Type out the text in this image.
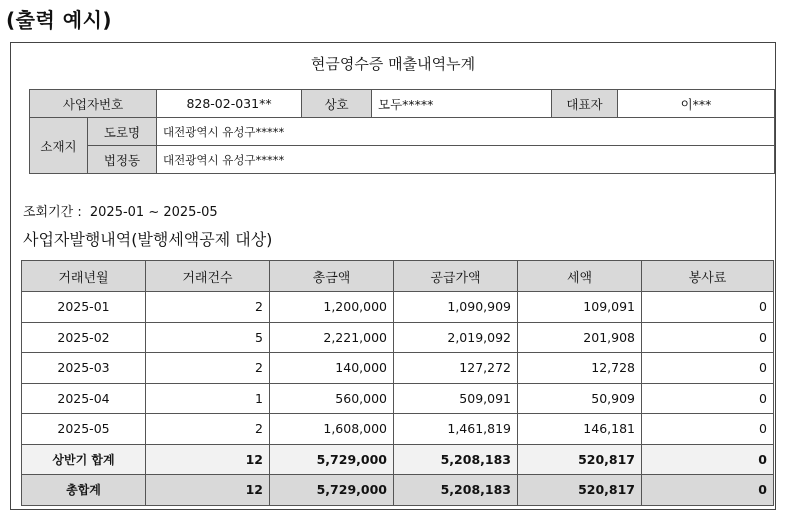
(출력 예시)
현금영수증 매출내역누계
사업자번호		828-02-031**	상호	모두*****	대표자	이***
소재지	도로명	대전광역시 유성구*****				
	법정동	대전광역시 유성구*****				
조회기간 : 2025-01 ~ 2025-05
사업자발행내역(발행세액공제 대상)
거래년월	거래건수	총금액	공급가액	세액	봉사료
2025-01	2	1,200,000	1,090,909	109,091	0
2025-02	5	2,221,000	2,019,092	201,908	0
2025-03	2	140,000	127,272	12,728	0
2025-04	1	560,000	509,091	50,909	0
2025-05	2	1,608,000	1,461,819	146,181	0
상반기 합계	12	5,729,000	5,208,183	520,817	0
총합계	12	5,729,000	5,208,183	520,817	0
